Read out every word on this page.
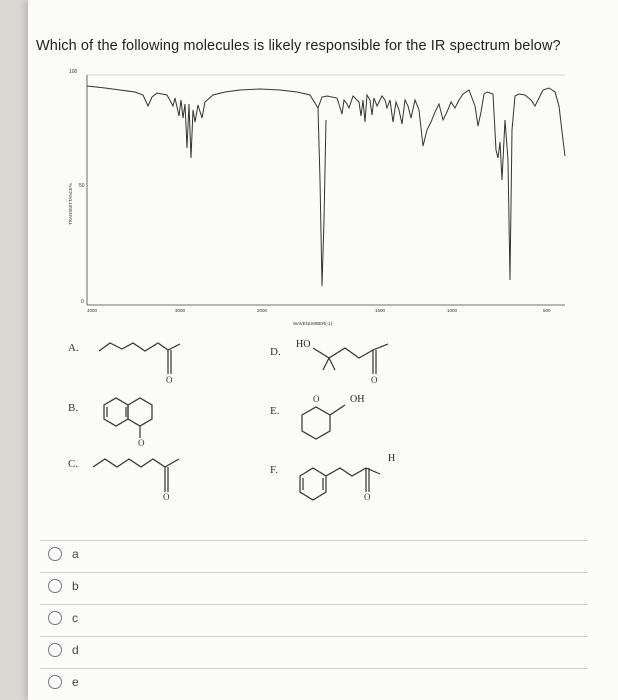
Which of the following molecules is likely responsible for the IR spectrum below?
100
50
0
TRANSMITTANCE%
4000	3000	2000	1500	1000	500
WAVENUMBER(-1)
A.
B.
C.
D.
E.
F.
HO
OH
H
O
O
O
O
O
O
a
b
c
d
e
